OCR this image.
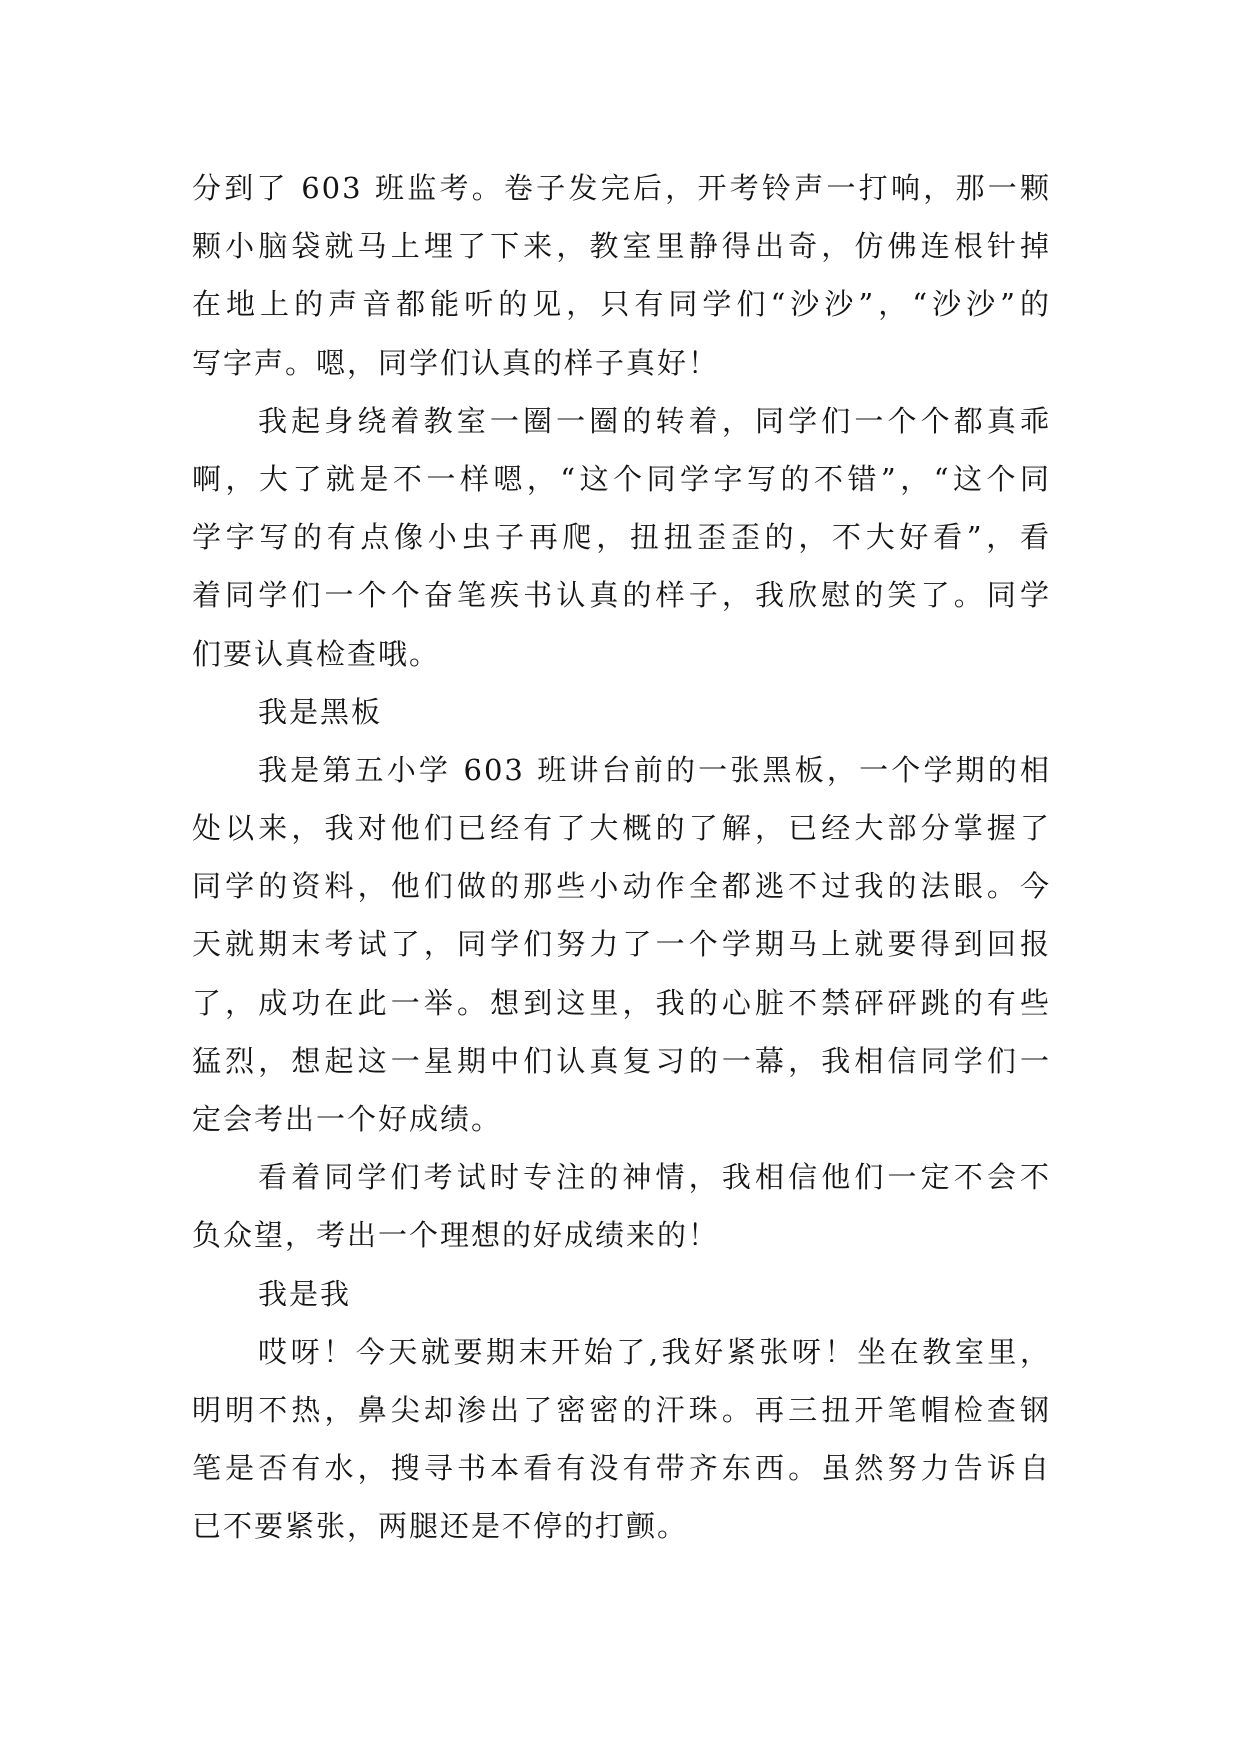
分到了 603 班监考。卷子发完后，开考铃声一打响，那一颗
颗小脑袋就马上埋了下来，教室里静得出奇，仿佛连根针掉
在地上的声音都能听的见，只有同学们“沙沙”，“沙沙”的
写字声。嗯，同学们认真的样子真好！
我起身绕着教室一圈一圈的转着，同学们一个个都真乖
啊，大了就是不一样嗯，“这个同学字写的不错”，“这个同
学字写的有点像小虫子再爬，扭扭歪歪的，不大好看”，看
着同学们一个个奋笔疾书认真的样子，我欣慰的笑了。同学
们要认真检查哦。
我是黑板
我是第五小学 603 班讲台前的一张黑板，一个学期的相
处以来，我对他们已经有了大概的了解，已经大部分掌握了
同学的资料，他们做的那些小动作全都逃不过我的法眼。今
天就期末考试了，同学们努力了一个学期马上就要得到回报
了，成功在此一举。想到这里，我的心脏不禁砰砰跳的有些
猛烈，想起这一星期中们认真复习的一幕，我相信同学们一
定会考出一个好成绩。
看着同学们考试时专注的神情，我相信他们一定不会不
负众望，考出一个理想的好成绩来的！
我是我
哎呀！今天就要期末开始了,我好紧张呀！坐在教室里，
明明不热，鼻尖却渗出了密密的汗珠。再三扭开笔帽检查钢
笔是否有水，搜寻书本看有没有带齐东西。虽然努力告诉自
已不要紧张，两腿还是不停的打颤。
